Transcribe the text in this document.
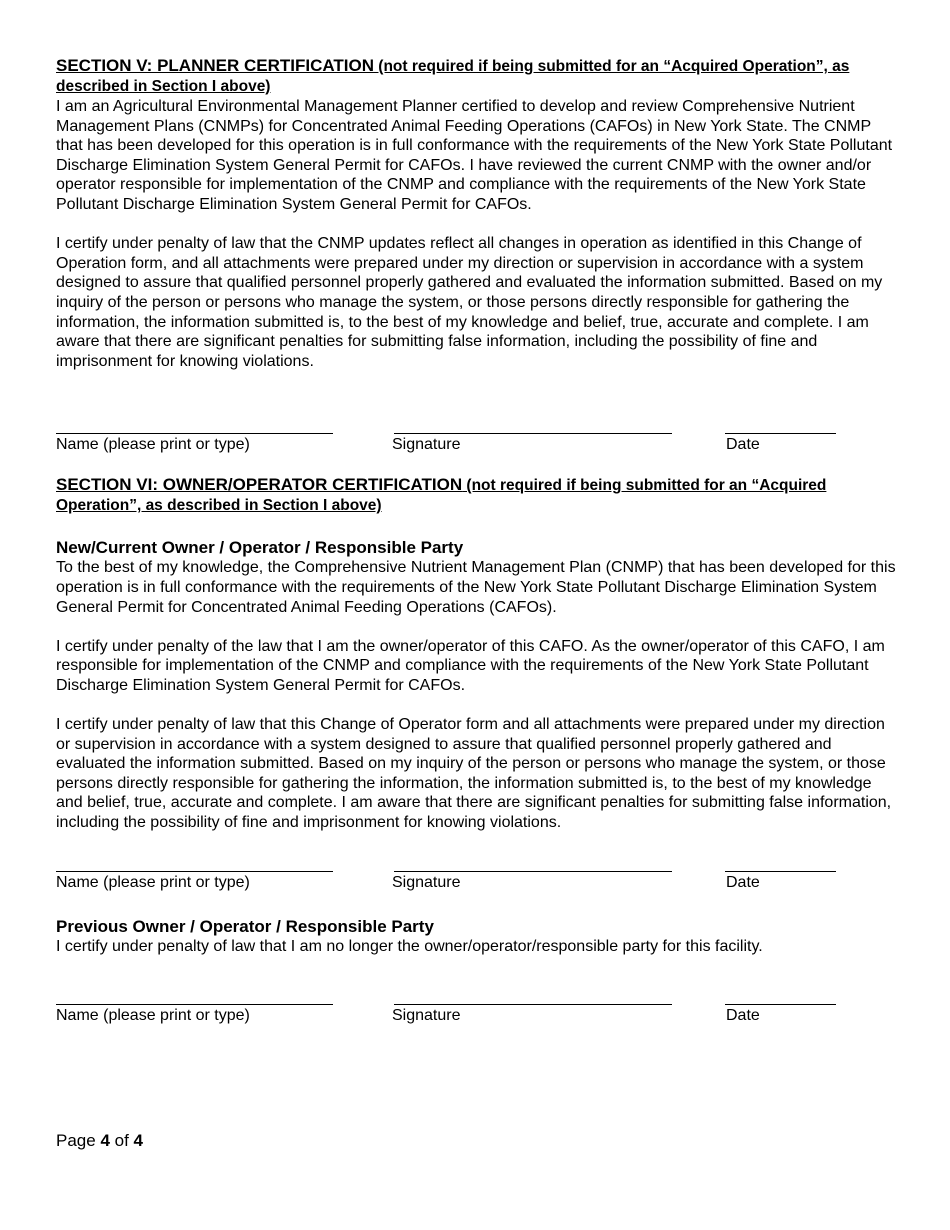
SECTION V: PLANNER CERTIFICATION (not required if being submitted for an “Acquired Operation”, as described in Section I above)

I am an Agricultural Environmental Management Planner certified to develop and review Comprehensive Nutrient Management Plans (CNMPs) for Concentrated Animal Feeding Operations (CAFOs) in New York State. The CNMP that has been developed for this operation is in full conformance with the requirements of the New York State Pollutant Discharge Elimination System General Permit for CAFOs. I have reviewed the current CNMP with the owner and/or operator responsible for implementation of the CNMP and compliance with the requirements of the New York State Pollutant Discharge Elimination System General Permit for CAFOs.

I certify under penalty of law that the CNMP updates reflect all changes in operation as identified in this Change of Operation form, and all attachments were prepared under my direction or supervision in accordance with a system designed to assure that qualified personnel properly gathered and evaluated the information submitted. Based on my inquiry of the person or persons who manage the system, or those persons directly responsible for gathering the information, the information submitted is, to the best of my knowledge and belief, true, accurate and complete. I am aware that there are significant penalties for submitting false information, including the possibility of fine and imprisonment for knowing violations.

Name (please print or type)	Signature	Date
SECTION VI: OWNER/OPERATOR CERTIFICATION (not required if being submitted for an “Acquired Operation”, as described in Section I above)
New/Current Owner / Operator / Responsible Party

To the best of my knowledge, the Comprehensive Nutrient Management Plan (CNMP) that has been developed for this operation is in full conformance with the requirements of the New York State Pollutant Discharge Elimination System General Permit for Concentrated Animal Feeding Operations (CAFOs).

I certify under penalty of the law that I am the owner/operator of this CAFO. As the owner/operator of this CAFO, I am responsible for implementation of the CNMP and compliance with the requirements of the New York State Pollutant Discharge Elimination System General Permit for CAFOs.

I certify under penalty of law that this Change of Operator form and all attachments were prepared under my direction or supervision in accordance with a system designed to assure that qualified personnel properly gathered and evaluated the information submitted. Based on my inquiry of the person or persons who manage the system, or those persons directly responsible for gathering the information, the information submitted is, to the best of my knowledge and belief, true, accurate and complete. I am aware that there are significant penalties for submitting false information, including the possibility of fine and imprisonment for knowing violations.

Name (please print or type)	Signature	Date
Previous Owner / Operator / Responsible Party

I certify under penalty of law that I am no longer the owner/operator/responsible party for this facility.

Name (please print or type)	Signature	Date
Page 4 of 4
